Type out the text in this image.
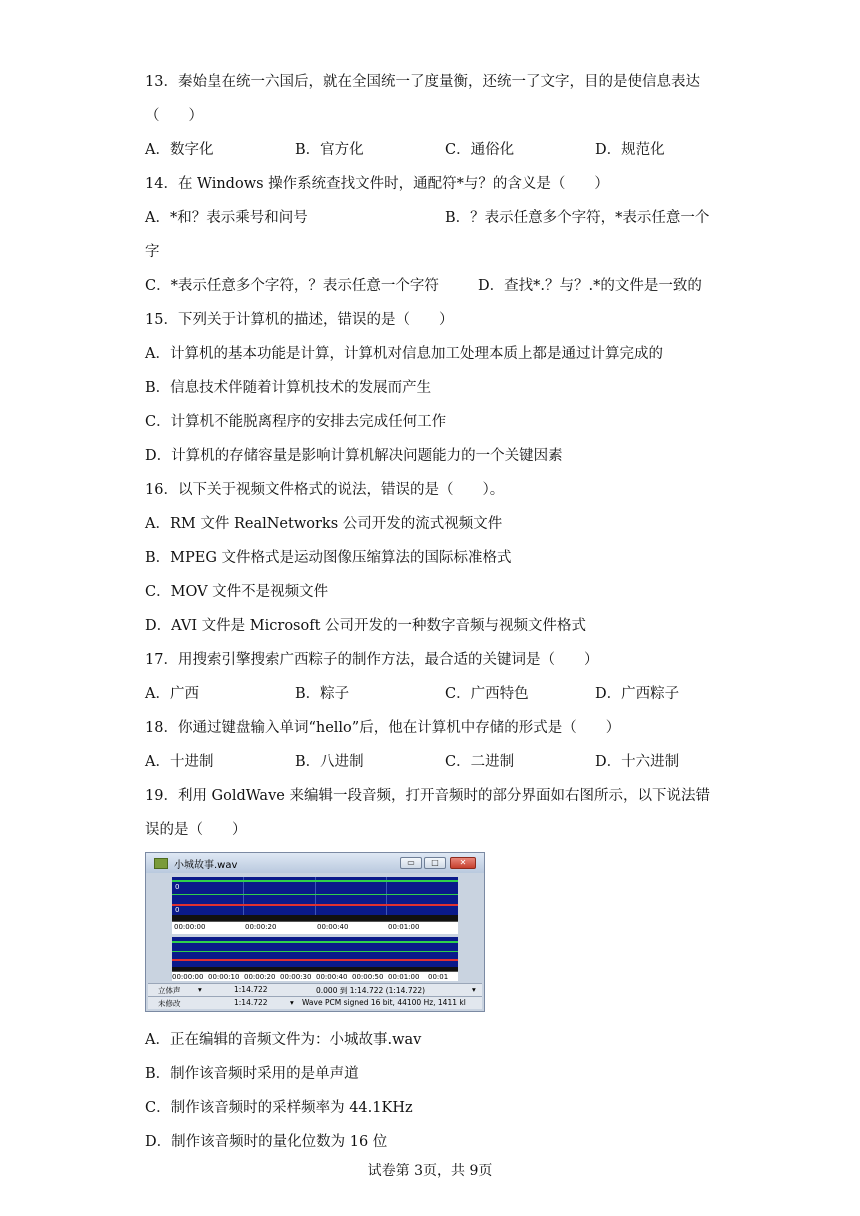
13．秦始皇在统一六国后，就在全国统一了度量衡，还统一了文字，目的是使信息表达
（　　）
A．数字化	B．官方化	C．通俗化	D．规范化
14．在 Windows 操作系统查找文件时，通配符*与？的含义是（　　）
A．*和？表示乘号和问号	B．？表示任意多个字符，*表示任意一个
字
C．*表示任意多个字符，？表示任意一个字符	D．查找*.？与？.*的文件是一致的
15．下列关于计算机的描述，错误的是（　　）
A．计算机的基本功能是计算，计算机对信息加工处理本质上都是通过计算完成的
B．信息技术伴随着计算机技术的发展而产生
C．计算机不能脱离程序的安排去完成任何工作
D．计算机的存储容量是影响计算机解决问题能力的一个关键因素
16．以下关于视频文件格式的说法，错误的是（　　）。
A．RM 文件 RealNetworks 公司开发的流式视频文件
B．MPEG 文件格式是运动图像压缩算法的国际标准格式
C．MOV 文件不是视频文件
D．AVI 文件是 Microsoft 公司开发的一种数字音频与视频文件格式
17．用搜索引擎搜索广西粽子的制作方法，最合适的关键词是（　　）
A．广西	B．粽子	C．广西特色	D．广西粽子
18．你通过键盘输入单词“hello”后，他在计算机中存储的形式是（　　）
A．十进制	B．八进制	C．二进制	D．十六进制
19．利用 GoldWave 来编辑一段音频，打开音频时的部分界面如右图所示，以下说法错
误的是（　　）
小城故事.wav	▭	□	✕
0
0
00:00:00	00:00:20	00:00:40	00:01:00
00:00:00 00:00:10 00:00:20 00:00:30 00:00:40 00:00:50 00:01:00 00:01
立体声 ▾	1:14.722	0.000 到 1:14.722 (1:14.722)	▾
未修改	1:14.722	▾ Wave PCM signed 16 bit, 44100 Hz, 1411 kl
A．正在编辑的音频文件为：小城故事.wav
B．制作该音频时采用的是单声道
C．制作该音频时的采样频率为 44.1KHz
D．制作该音频时的量化位数为 16 位
试卷第 3页，共 9页
